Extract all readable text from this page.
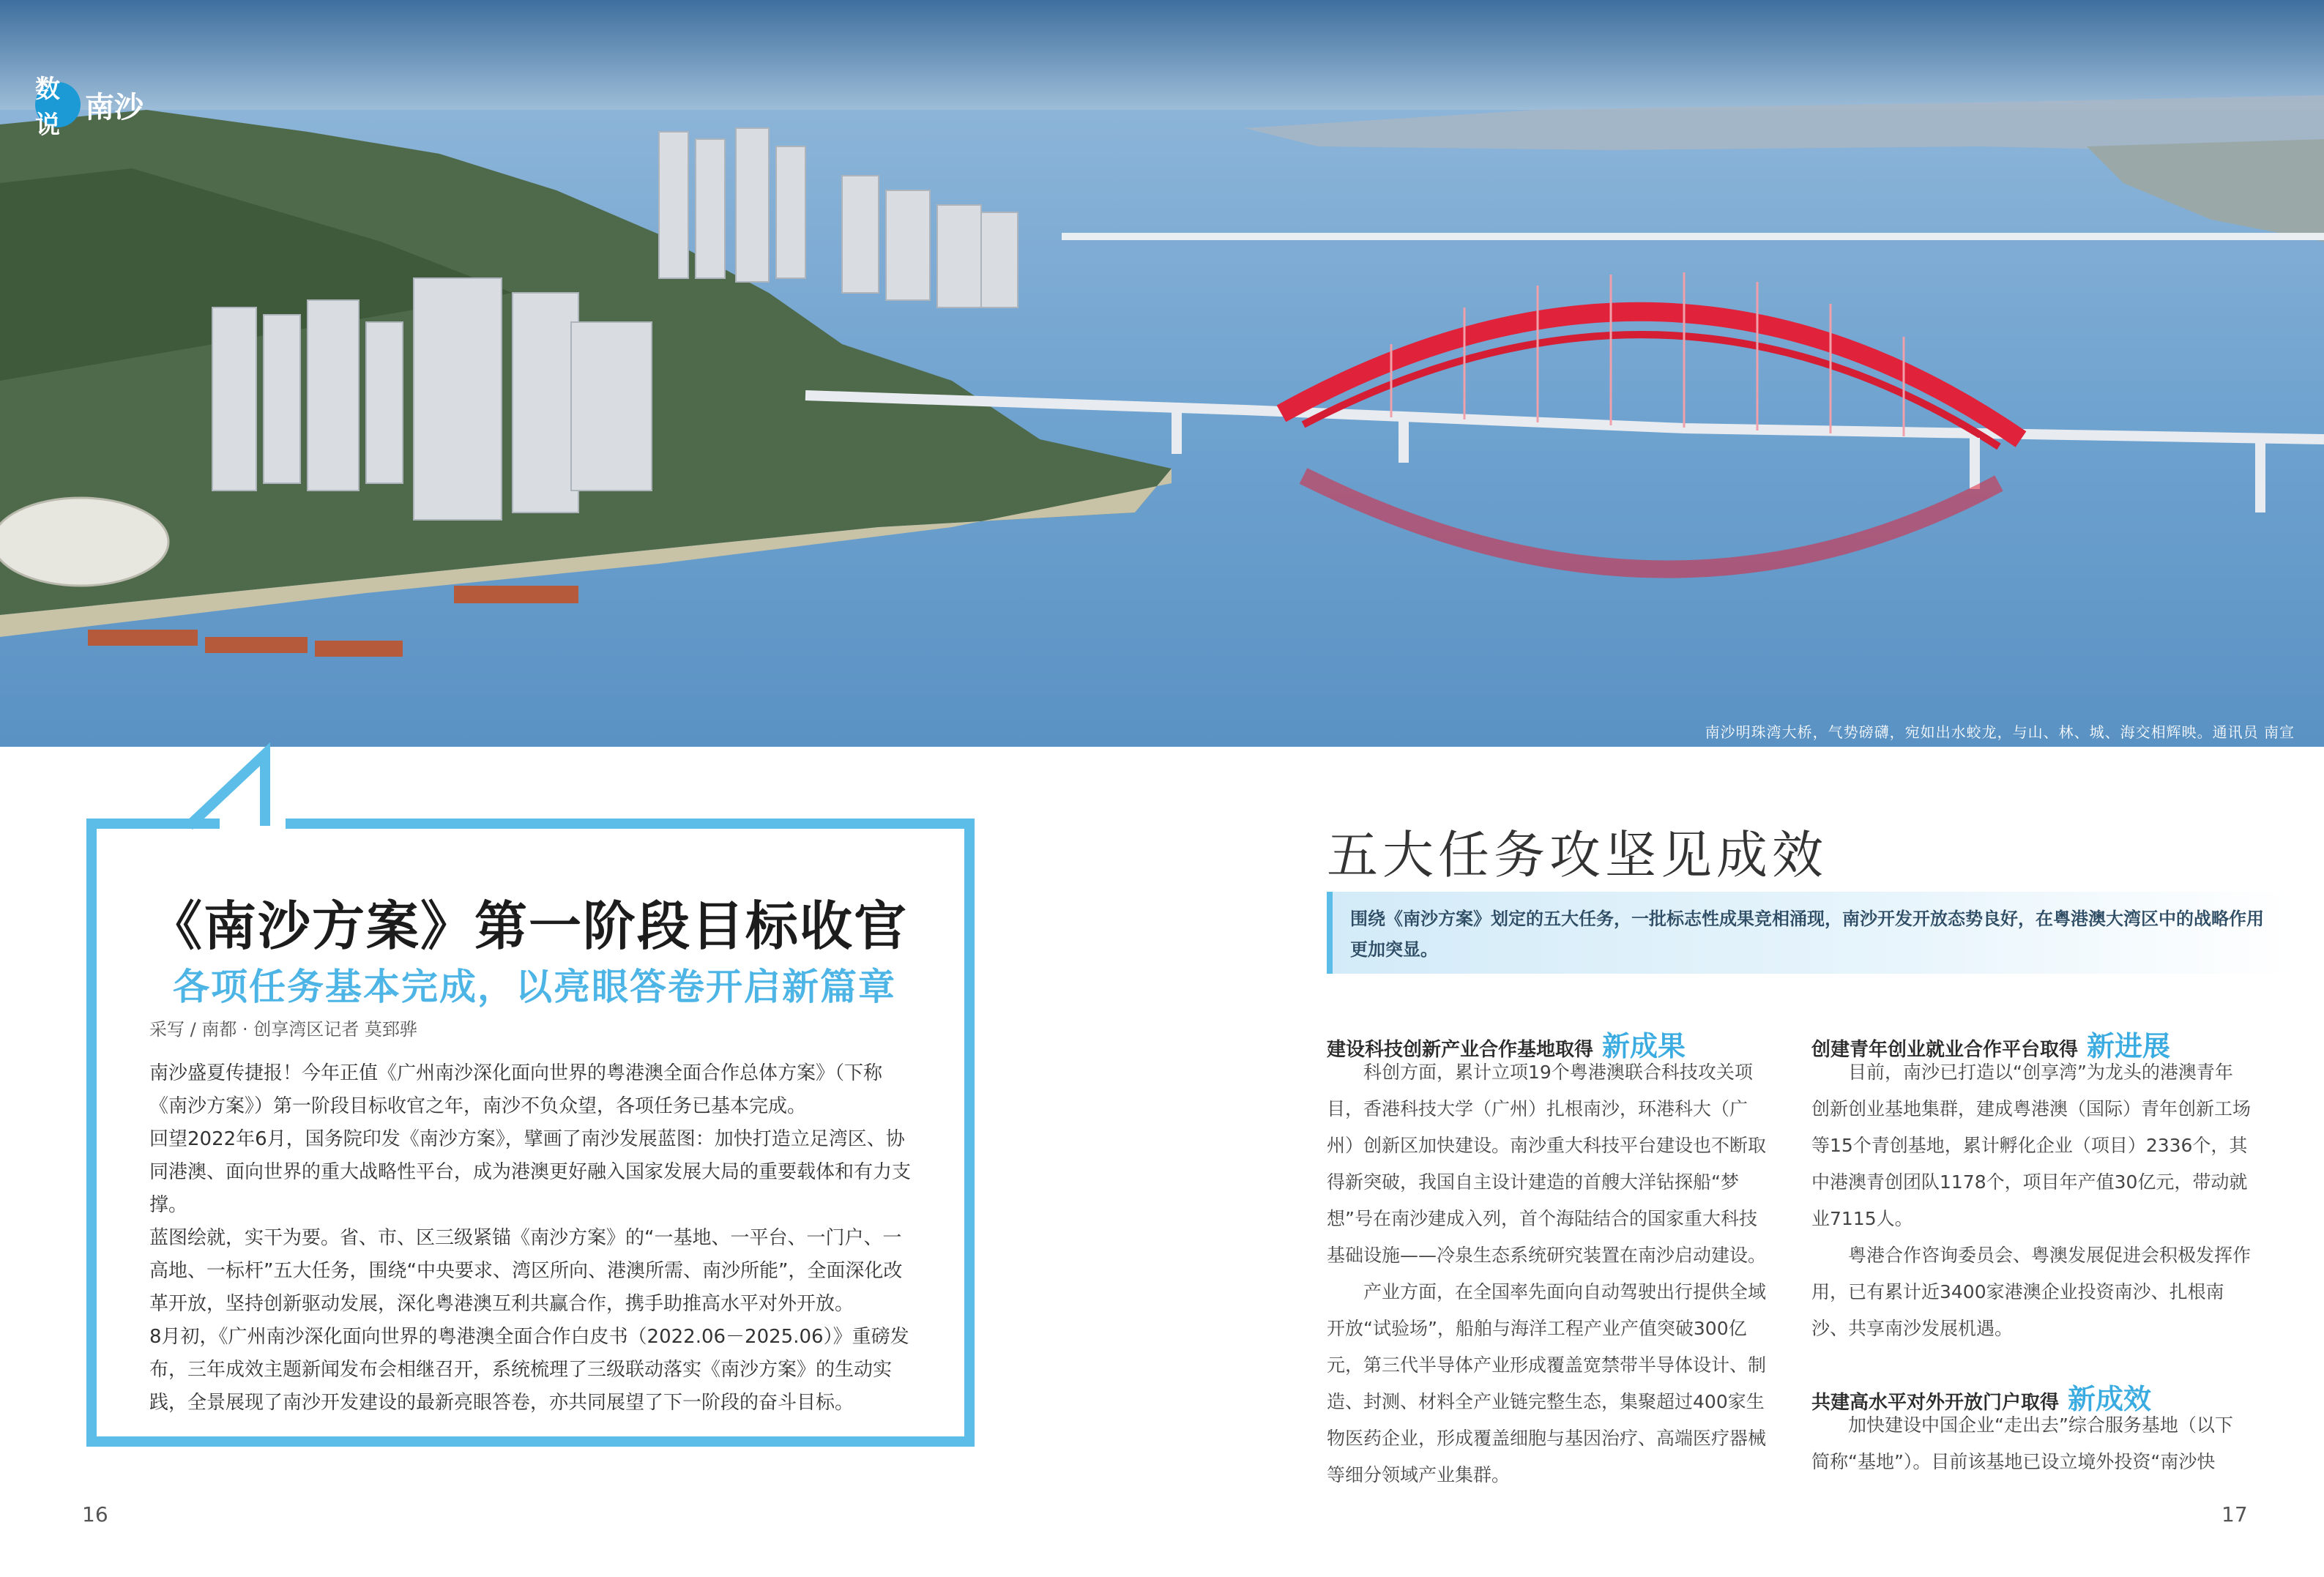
数说
南沙
南沙明珠湾大桥，气势磅礴，宛如出水蛟龙，与山、林、城、海交相辉映。通讯员 南宣
《南沙方案》第一阶段目标收官
各项任务基本完成，以亮眼答卷开启新篇章
采写 / 南都 · 创享湾区记者 莫郅骅

南沙盛夏传捷报！今年正值《广州南沙深化面向世界的粤港澳全面合作总体方案》（下称《南沙方案》）第一阶段目标收官之年，南沙不负众望，各项任务已基本完成。

回望2022年6月，国务院印发《南沙方案》，擘画了南沙发展蓝图：加快打造立足湾区、协同港澳、面向世界的重大战略性平台，成为港澳更好融入国家发展大局的重要载体和有力支撑。

蓝图绘就，实干为要。省、市、区三级紧锚《南沙方案》的“一基地、一平台、一门户、一高地、一标杆”五大任务，围绕“中央要求、湾区所向、港澳所需、南沙所能”，全面深化改革开放，坚持创新驱动发展，深化粤港澳互利共赢合作，携手助推高水平对外开放。

8月初，《广州南沙深化面向世界的粤港澳全面合作白皮书（2022.06－2025.06）》重磅发布，三年成效主题新闻发布会相继召开，系统梳理了三级联动落实《南沙方案》的生动实践，全景展现了南沙开发建设的最新亮眼答卷，亦共同展望了下一阶段的奋斗目标。

五大任务攻坚见成效
围绕《南沙方案》划定的五大任务，一批标志性成果竞相涌现，南沙开发开放态势良好，在粤港澳大湾区中的战略作用更加突显。
建设科技创新产业合作基地取得 新成果

科创方面，累计立项19个粤港澳联合科技攻关项目，香港科技大学（广州）扎根南沙，环港科大（广州）创新区加快建设。南沙重大科技平台建设也不断取得新突破，我国自主设计建造的首艘大洋钻探船“梦想”号在南沙建成入列，首个海陆结合的国家重大科技基础设施——冷泉生态系统研究装置在南沙启动建设。

产业方面，在全国率先面向自动驾驶出行提供全域开放“试验场”，船舶与海洋工程产业产值突破300亿元，第三代半导体产业形成覆盖宽禁带半导体设计、制造、封测、材料全产业链完整生态，集聚超过400家生物医药企业，形成覆盖细胞与基因治疗、高端医疗器械等细分领域产业集群。

创建青年创业就业合作平台取得 新进展

目前，南沙已打造以“创享湾”为龙头的港澳青年创新创业基地集群，建成粤港澳（国际）青年创新工场等15个青创基地，累计孵化企业（项目）2336个，其中港澳青创团队1178个，项目年产值30亿元，带动就业7115人。

粤港合作咨询委员会、粤澳发展促进会积极发挥作用，已有累计近3400家港澳企业投资南沙、扎根南沙、共享南沙发展机遇。

共建高水平对外开放门户取得 新成效

加快建设中国企业“走出去”综合服务基地（以下简称“基地”）。目前该基地已设立境外投资“南沙快

16	17
